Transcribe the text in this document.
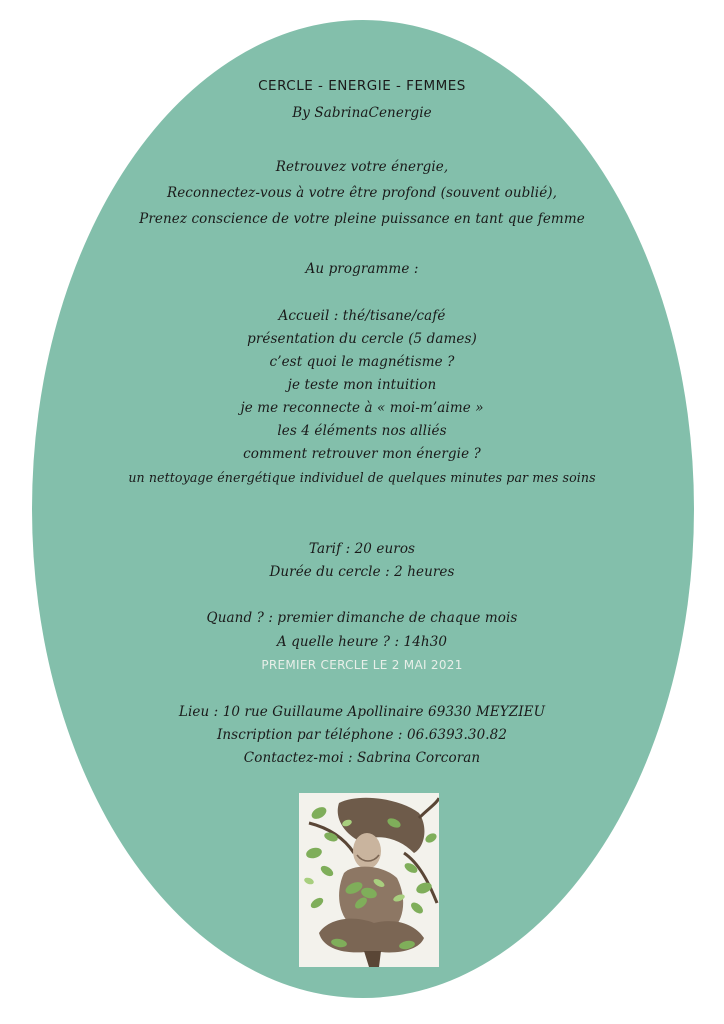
CERCLE - ENERGIE - FEMMES
By SabrinaCenergie
Retrouvez votre énergie,
Reconnectez-vous à votre être profond (souvent oublié),
Prenez conscience de votre pleine puissance en tant que femme
Au programme :
Accueil : thé/tisane/café
présentation du cercle (5 dames)
c’est quoi le magnétisme ?
je teste mon intuition
je me reconnecte à « moi-m’aime »
les 4 éléments nos alliés
comment retrouver mon énergie ?
un nettoyage énergétique individuel de quelques minutes par mes soins
Tarif : 20 euros
Durée du cercle : 2 heures
Quand ? : premier dimanche de chaque mois
A quelle heure ? : 14h30
PREMIER CERCLE LE 2 MAI 2021
Lieu : 10 rue Guillaume Apollinaire 69330 MEYZIEU
Inscription par téléphone : 06.6393.30.82
Contactez-moi : Sabrina Corcoran
